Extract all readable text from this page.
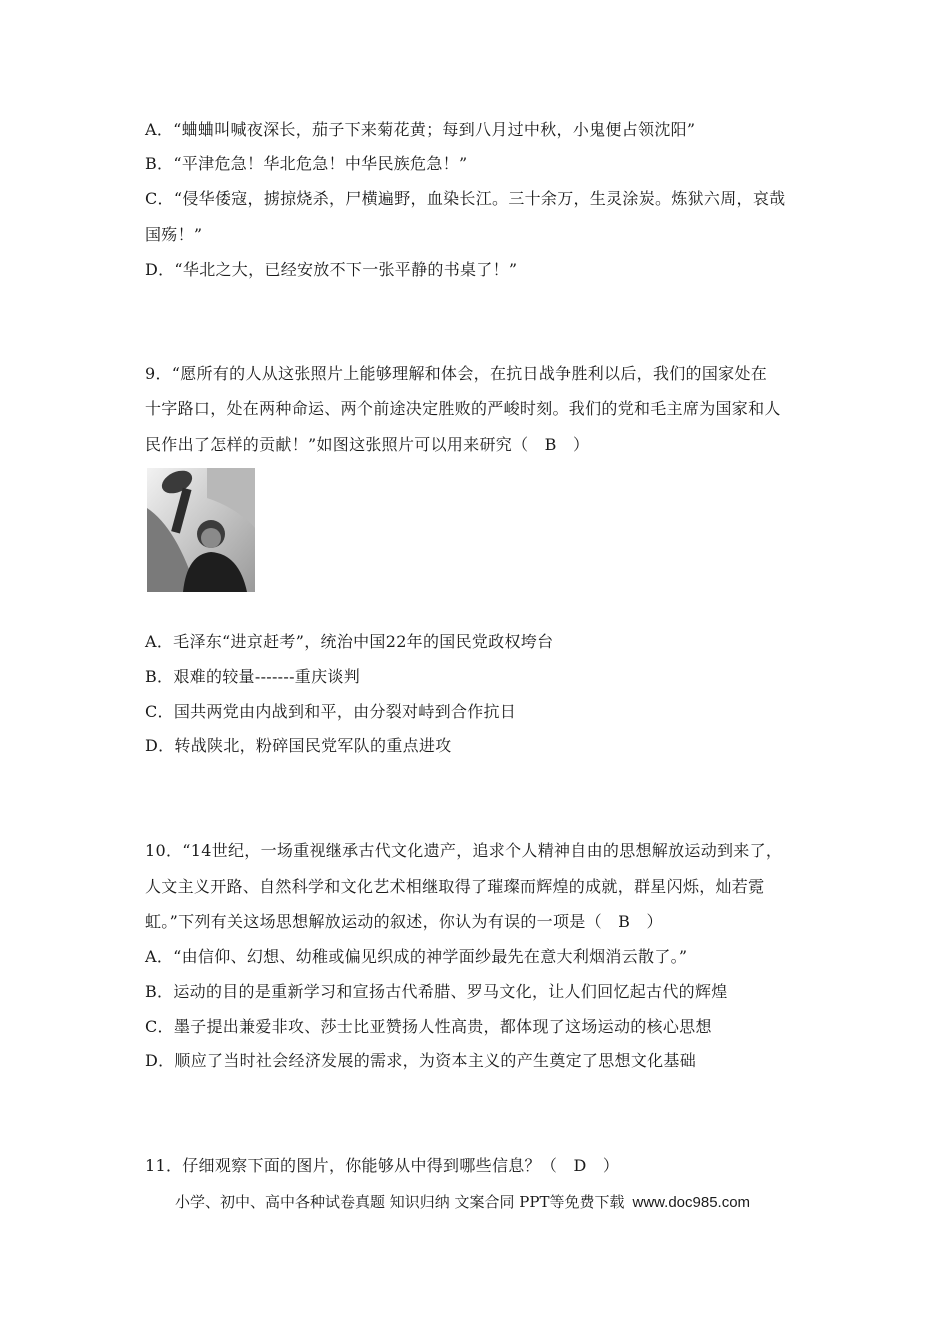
A．“蛐蛐叫喊夜深长，茄子下来菊花黄；每到八月过中秋，小鬼便占领沈阳”
B．“平津危急！华北危急！中华民族危急！”
C．“侵华倭寇，掳掠烧杀，尸横遍野，血染长江。三十余万，生灵涂炭。炼狱六周，哀哉
国殇！”
D．“华北之大，已经安放不下一张平静的书桌了！”
9．“愿所有的人从这张照片上能够理解和体会，在抗日战争胜利以后，我们的国家处在
十字路口，处在两种命运、两个前途决定胜败的严峻时刻。我们的党和毛主席为国家和人
民作出了怎样的贡献！”如图这张照片可以用来研究（　B　）
A．毛泽东“进京赶考”，统治中国22年的国民党政权垮台
B．艰难的较量-------重庆谈判
C．国共两党由内战到和平，由分裂对峙到合作抗日
D．转战陕北，粉碎国民党军队的重点进攻
10．“14世纪，一场重视继承古代文化遗产，追求个人精神自由的思想解放运动到来了，
人文主义开路、自然科学和文化艺术相继取得了璀璨而辉煌的成就，群星闪烁，灿若霓
虹。”下列有关这场思想解放运动的叙述，你认为有误的一项是（　B　）
A．“由信仰、幻想、幼稚或偏见织成的神学面纱最先在意大利烟消云散了。”
B．运动的目的是重新学习和宣扬古代希腊、罗马文化，让人们回忆起古代的辉煌
C．墨子提出兼爱非攻、莎士比亚赞扬人性高贵，都体现了这场运动的核心思想
D．顺应了当时社会经济发展的需求，为资本主义的产生奠定了思想文化基础
11．仔细观察下面的图片，你能够从中得到哪些信息？（　D　）
小学、初中、高中各种试卷真题 知识归纳 文案合同 PPT等免费下载 www.doc985.com
